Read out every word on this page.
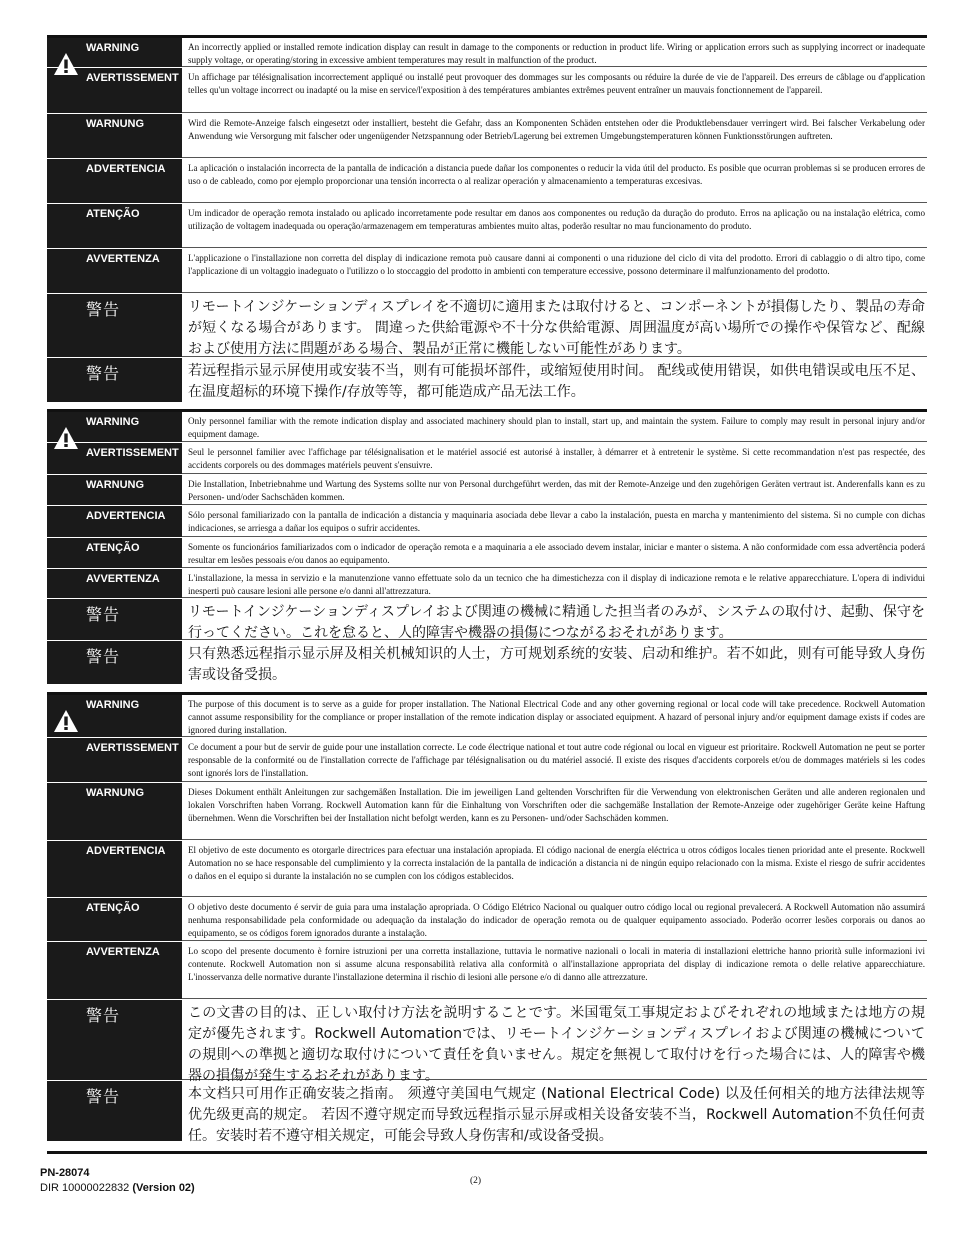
WARNING	An incorrectly applied or installed remote indication display can result in damage to the components or reduction in product life. Wiring or application errors such as supplying incorrect or inadequate supply voltage, or operating/storing in excessive ambient temperatures may result in malfunction of the product.
AVERTISSEMENT	Un affichage par télésignalisation incorrectement appliqué ou installé peut provoquer des dommages sur les composants ou réduire la durée de vie de l'appareil. Des erreurs de câblage ou d'application telles qu'un voltage incorrect ou inadapté ou la mise en service/l'exposition à des températures ambiantes extrêmes peuvent entraîner un mauvais fonctionnement de l'appareil.
WARNUNG	Wird die Remote-Anzeige falsch eingesetzt oder installiert, besteht die Gefahr, dass an Komponenten Schäden entstehen oder die Produktlebensdauer verringert wird. Bei falscher Verkabelung oder Anwendung wie Versorgung mit falscher oder ungenügender Netzspannung oder Betrieb/Lagerung bei extremen Umgebungstemperaturen können Funktionsstörungen auftreten.
ADVERTENCIA	La aplicación o instalación incorrecta de la pantalla de indicación a distancia puede dañar los componentes o reducir la vida útil del producto. Es posible que ocurran problemas si se producen errores de uso o de cableado, como por ejemplo proporcionar una tensión incorrecta o al realizar operación y almacenamiento a temperaturas excesivas.
ATENÇÃO	Um indicador de operação remota instalado ou aplicado incorretamente pode resultar em danos aos componentes ou redução da duração do produto. Erros na aplicação ou na instalação elétrica, como utilização de voltagem inadequada ou operação/armazenagem em temperaturas ambientes muito altas, poderão resultar no mau funcionamento do produto.
AVVERTENZA	L'applicazione o l'installazione non corretta del display di indicazione remota può causare danni ai componenti o una riduzione del ciclo di vita del prodotto. Errori di cablaggio o di altro tipo, come l'applicazione di un voltaggio inadeguato o l'utilizzo o lo stoccaggio del prodotto in ambienti con temperature eccessive, possono determinare il malfunzionamento del prodotto.
警告	リモートインジケーションディスプレイを不適切に適用または取付けると、コンポーネントが損傷したり、製品の寿命が短くなる場合があります。 間違った供給電源や不十分な供給電源、周囲温度が高い場所での操作や保管など、配線および使用方法に問題がある場合、製品が正常に機能しない可能性があります。
警告	若远程指示显示屏使用或安装不当，则有可能损坏部件，或缩短使用时间。 配线或使用错误，如供电错误或电压不足、在温度超标的环境下操作/存放等等，都可能造成产品无法工作。
WARNING	Only personnel familiar with the remote indication display and associated machinery should plan to install, start up, and maintain the system. Failure to comply may result in personal injury and/or equipment damage.
AVERTISSEMENT	Seul le personnel familier avec l'affichage par télésignalisation et le matériel associé est autorisé à installer, à démarrer et à entretenir le système. Si cette recommandation n'est pas respectée, des accidents corporels ou des dommages matériels peuvent s'ensuivre.
WARNUNG	Die Installation, Inbetriebnahme und Wartung des Systems sollte nur von Personal durchgeführt werden, das mit der Remote-Anzeige und den zugehörigen Geräten vertraut ist. Anderenfalls kann es zu Personen- und/oder Sachschäden kommen.
ADVERTENCIA	Sólo personal familiarizado con la pantalla de indicación a distancia y maquinaria asociada debe llevar a cabo la instalación, puesta en marcha y mantenimiento del sistema. Si no cumple con dichas indicaciones, se arriesga a dañar los equipos o sufrir accidentes.
ATENÇÃO	Somente os funcionários familiarizados com o indicador de operação remota e a maquinaria a ele associado devem instalar, iniciar e manter o sistema. A não conformidade com essa advertência poderá resultar em lesões pessoais e/ou danos ao equipamento.
AVVERTENZA	L'installazione, la messa in servizio e la manutenzione vanno effettuate solo da un tecnico che ha dimestichezza con il display di indicazione remota e le relative apparecchiature. L'opera di individui inesperti può causare lesioni alle persone e/o danni all'attrezzatura.
警告	リモートインジケーションディスプレイおよび関連の機械に精通した担当者のみが、システムの取付け、起動、保守を行ってください。これを怠ると、人的障害や機器の損傷につながるおそれがあります。
警告	只有熟悉远程指示显示屏及相关机械知识的人士，方可规划系统的安装、启动和维护。若不如此，则有可能导致人身伤害或设备受损。
WARNING	The purpose of this document is to serve as a guide for proper installation. The National Electrical Code and any other governing regional or local code will take precedence. Rockwell Automation cannot assume responsibility for the compliance or proper installation of the remote indication display or associated equipment. A hazard of personal injury and/or equipment damage exists if codes are ignored during installation.
AVERTISSEMENT	Ce document a pour but de servir de guide pour une installation correcte. Le code électrique national et tout autre code régional ou local en vigueur est prioritaire. Rockwell Automation ne peut se porter responsable de la conformité ou de l'installation correcte de l'affichage par télésignalisation ou du matériel associé. Il existe des risques d'accidents corporels et/ou de dommages matériels si les codes sont ignorés lors de l'installation.
WARNUNG	Dieses Dokument enthält Anleitungen zur sachgemäßen Installation. Die im jeweiligen Land geltenden Vorschriften für die Verwendung von elektronischen Geräten und alle anderen regionalen und lokalen Vorschriften haben Vorrang. Rockwell Automation kann für die Einhaltung von Vorschriften oder die sachgemäße Installation der Remote-Anzeige oder zugehöriger Geräte keine Haftung übernehmen. Wenn die Vorschriften bei der Installation nicht befolgt werden, kann es zu Personen- und/oder Sachschäden kommen.
ADVERTENCIA	El objetivo de este documento es otorgarle directrices para efectuar una instalación apropiada. El código nacional de energía eléctrica u otros códigos locales tienen prioridad ante el presente. Rockwell Automation no se hace responsable del cumplimiento y la correcta instalación de la pantalla de indicación a distancia ni de ningún equipo relacionado con la misma. Existe el riesgo de sufrir accidentes o daños en el equipo si durante la instalación no se cumplen con los códigos establecidos.
ATENÇÃO	O objetivo deste documento é servir de guia para uma instalação apropriada. O Código Elétrico Nacional ou qualquer outro código local ou regional prevalecerá. A Rockwell Automation não assumirá nenhuma responsabilidade pela conformidade ou adequação da instalação do indicador de operação remota ou de qualquer equipamento associado. Poderão ocorrer lesões corporais ou danos ao equipamento, se os códigos forem ignorados durante a instalação.
AVVERTENZA	Lo scopo del presente documento è fornire istruzioni per una corretta installazione, tuttavia le normative nazionali o locali in materia di installazioni elettriche hanno priorità sulle informazioni ivi contenute. Rockwell Automation non si assume alcuna responsabilità relativa alla conformità o all'installazione appropriata del display di indicazione remota o delle relative apparecchiature. L'inosservanza delle normative durante l'installazione determina il rischio di lesioni alle persone e/o di danno alle attrezzature.
警告	この文書の目的は、正しい取付け方法を説明することです。米国電気工事規定およびそれぞれの地域または地方の規定が優先されます。Rockwell Automationでは、リモートインジケーションディスプレイおよび関連の機械についての規則への準拠と適切な取付けについて責任を負いません。規定を無視して取付けを行った場合には、人的障害や機器の損傷が発生するおそれがあります。
警告	本文档只可用作正确安装之指南。 须遵守美国电气规定 (National Electrical Code) 以及任何相关的地方法律法规等优先级更高的规定。 若因不遵守规定而导致远程指示显示屏或相关设备安装不当，Rockwell Automation不负任何责任。安装时若不遵守相关规定，可能会导致人身伤害和/或设备受损。
PN-28074
DIR 10000022832 (Version 02)
(2)
